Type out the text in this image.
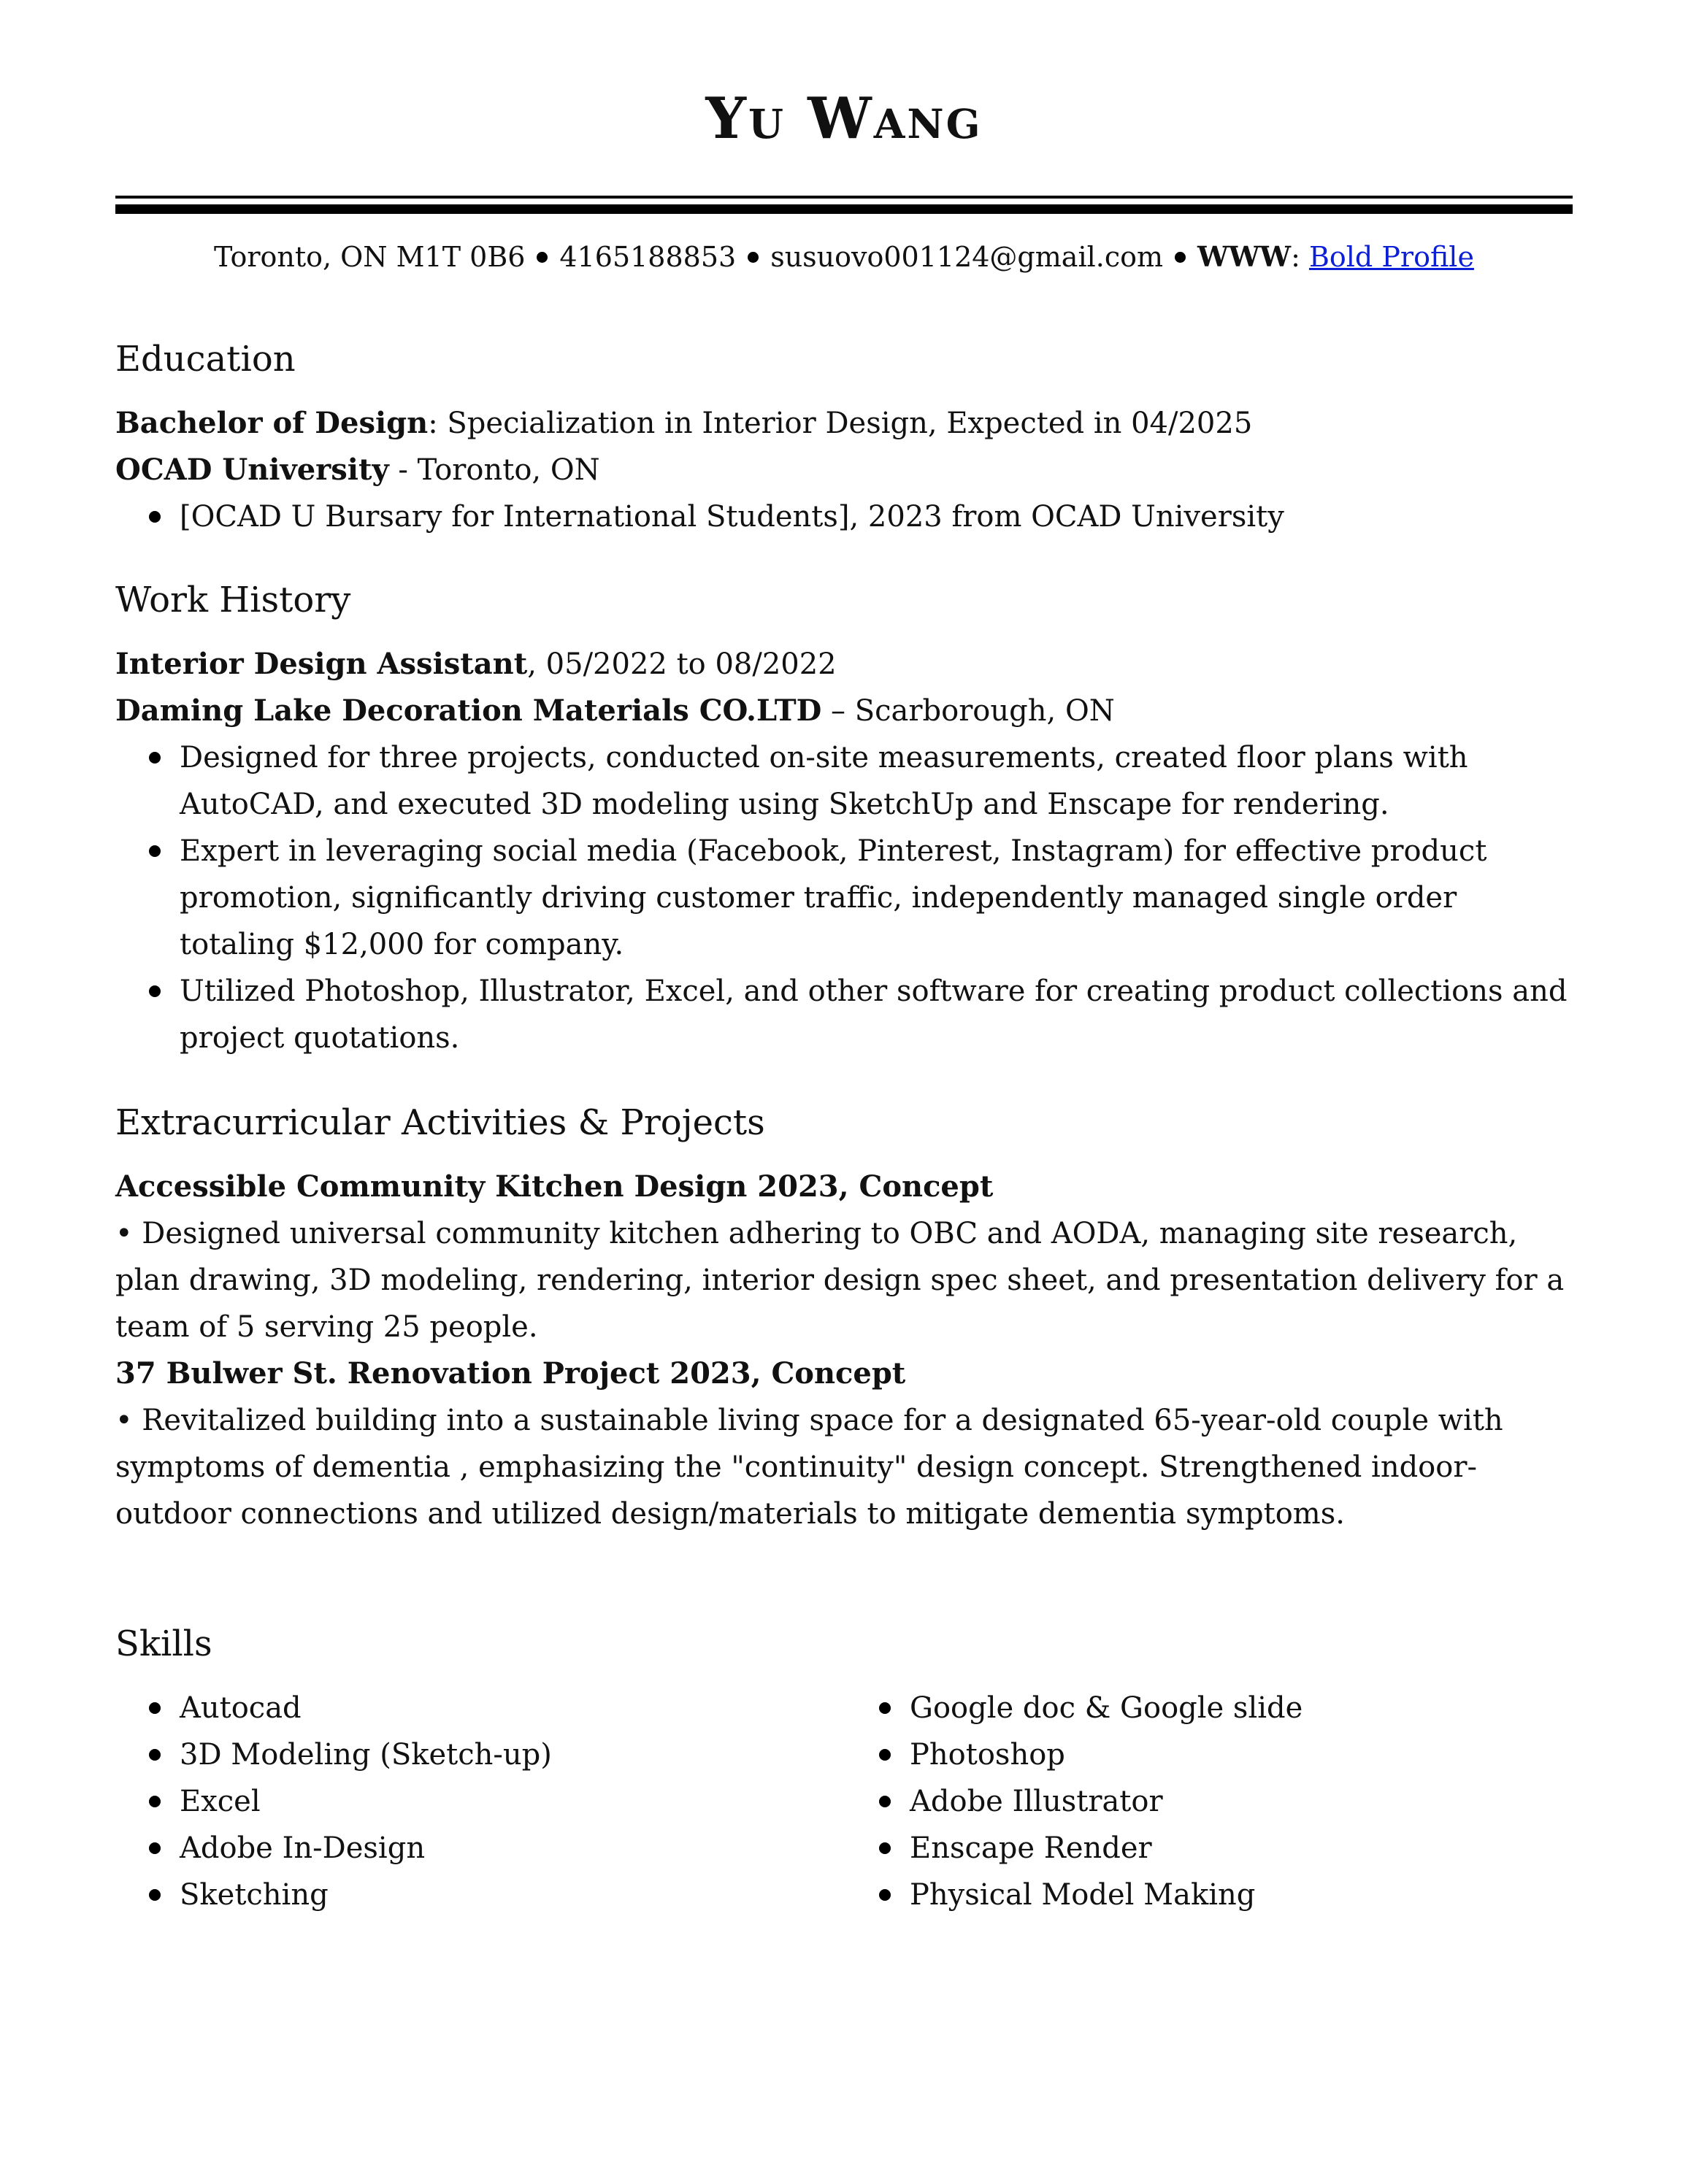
Yu Wang
Toronto, ON M1T 0B6 4165188853 susuovo001124@gmail.com WWW: Bold Profile
Education
Bachelor of Design: Specialization in Interior Design, Expected in 04/2025
OCAD University - Toronto, ON
[OCAD U Bursary for International Students], 2023 from OCAD University
Work History
Interior Design Assistant, 05/2022 to 08/2022
Daming Lake Decoration Materials CO.LTD – Scarborough, ON
Designed for three projects, conducted on-site measurements, created floor plans with AutoCAD, and executed 3D modeling using SketchUp and Enscape for rendering.
Expert in leveraging social media (Facebook, Pinterest, Instagram) for effective product promotion, significantly driving customer traffic, independently managed single order totaling $12,000 for company.
Utilized Photoshop, Illustrator, Excel, and other software for creating product collections and project quotations.
Extracurricular Activities & Projects
Accessible Community Kitchen Design 2023, Concept
• Designed universal community kitchen adhering to OBC and AODA, managing site research, plan drawing, 3D modeling, rendering, interior design spec sheet, and presentation delivery for a team of 5 serving 25 people.
37 Bulwer St. Renovation Project 2023, Concept
• Revitalized building into a sustainable living space for a designated 65-year-old couple with symptoms of dementia , emphasizing the "continuity" design concept. Strengthened indoor-outdoor connections and utilized design/materials to mitigate dementia symptoms.
Skills
Autocad
3D Modeling (Sketch-up)
Excel
Adobe In-Design
Sketching
Google doc & Google slide
Photoshop
Adobe Illustrator
Enscape Render
Physical Model Making
